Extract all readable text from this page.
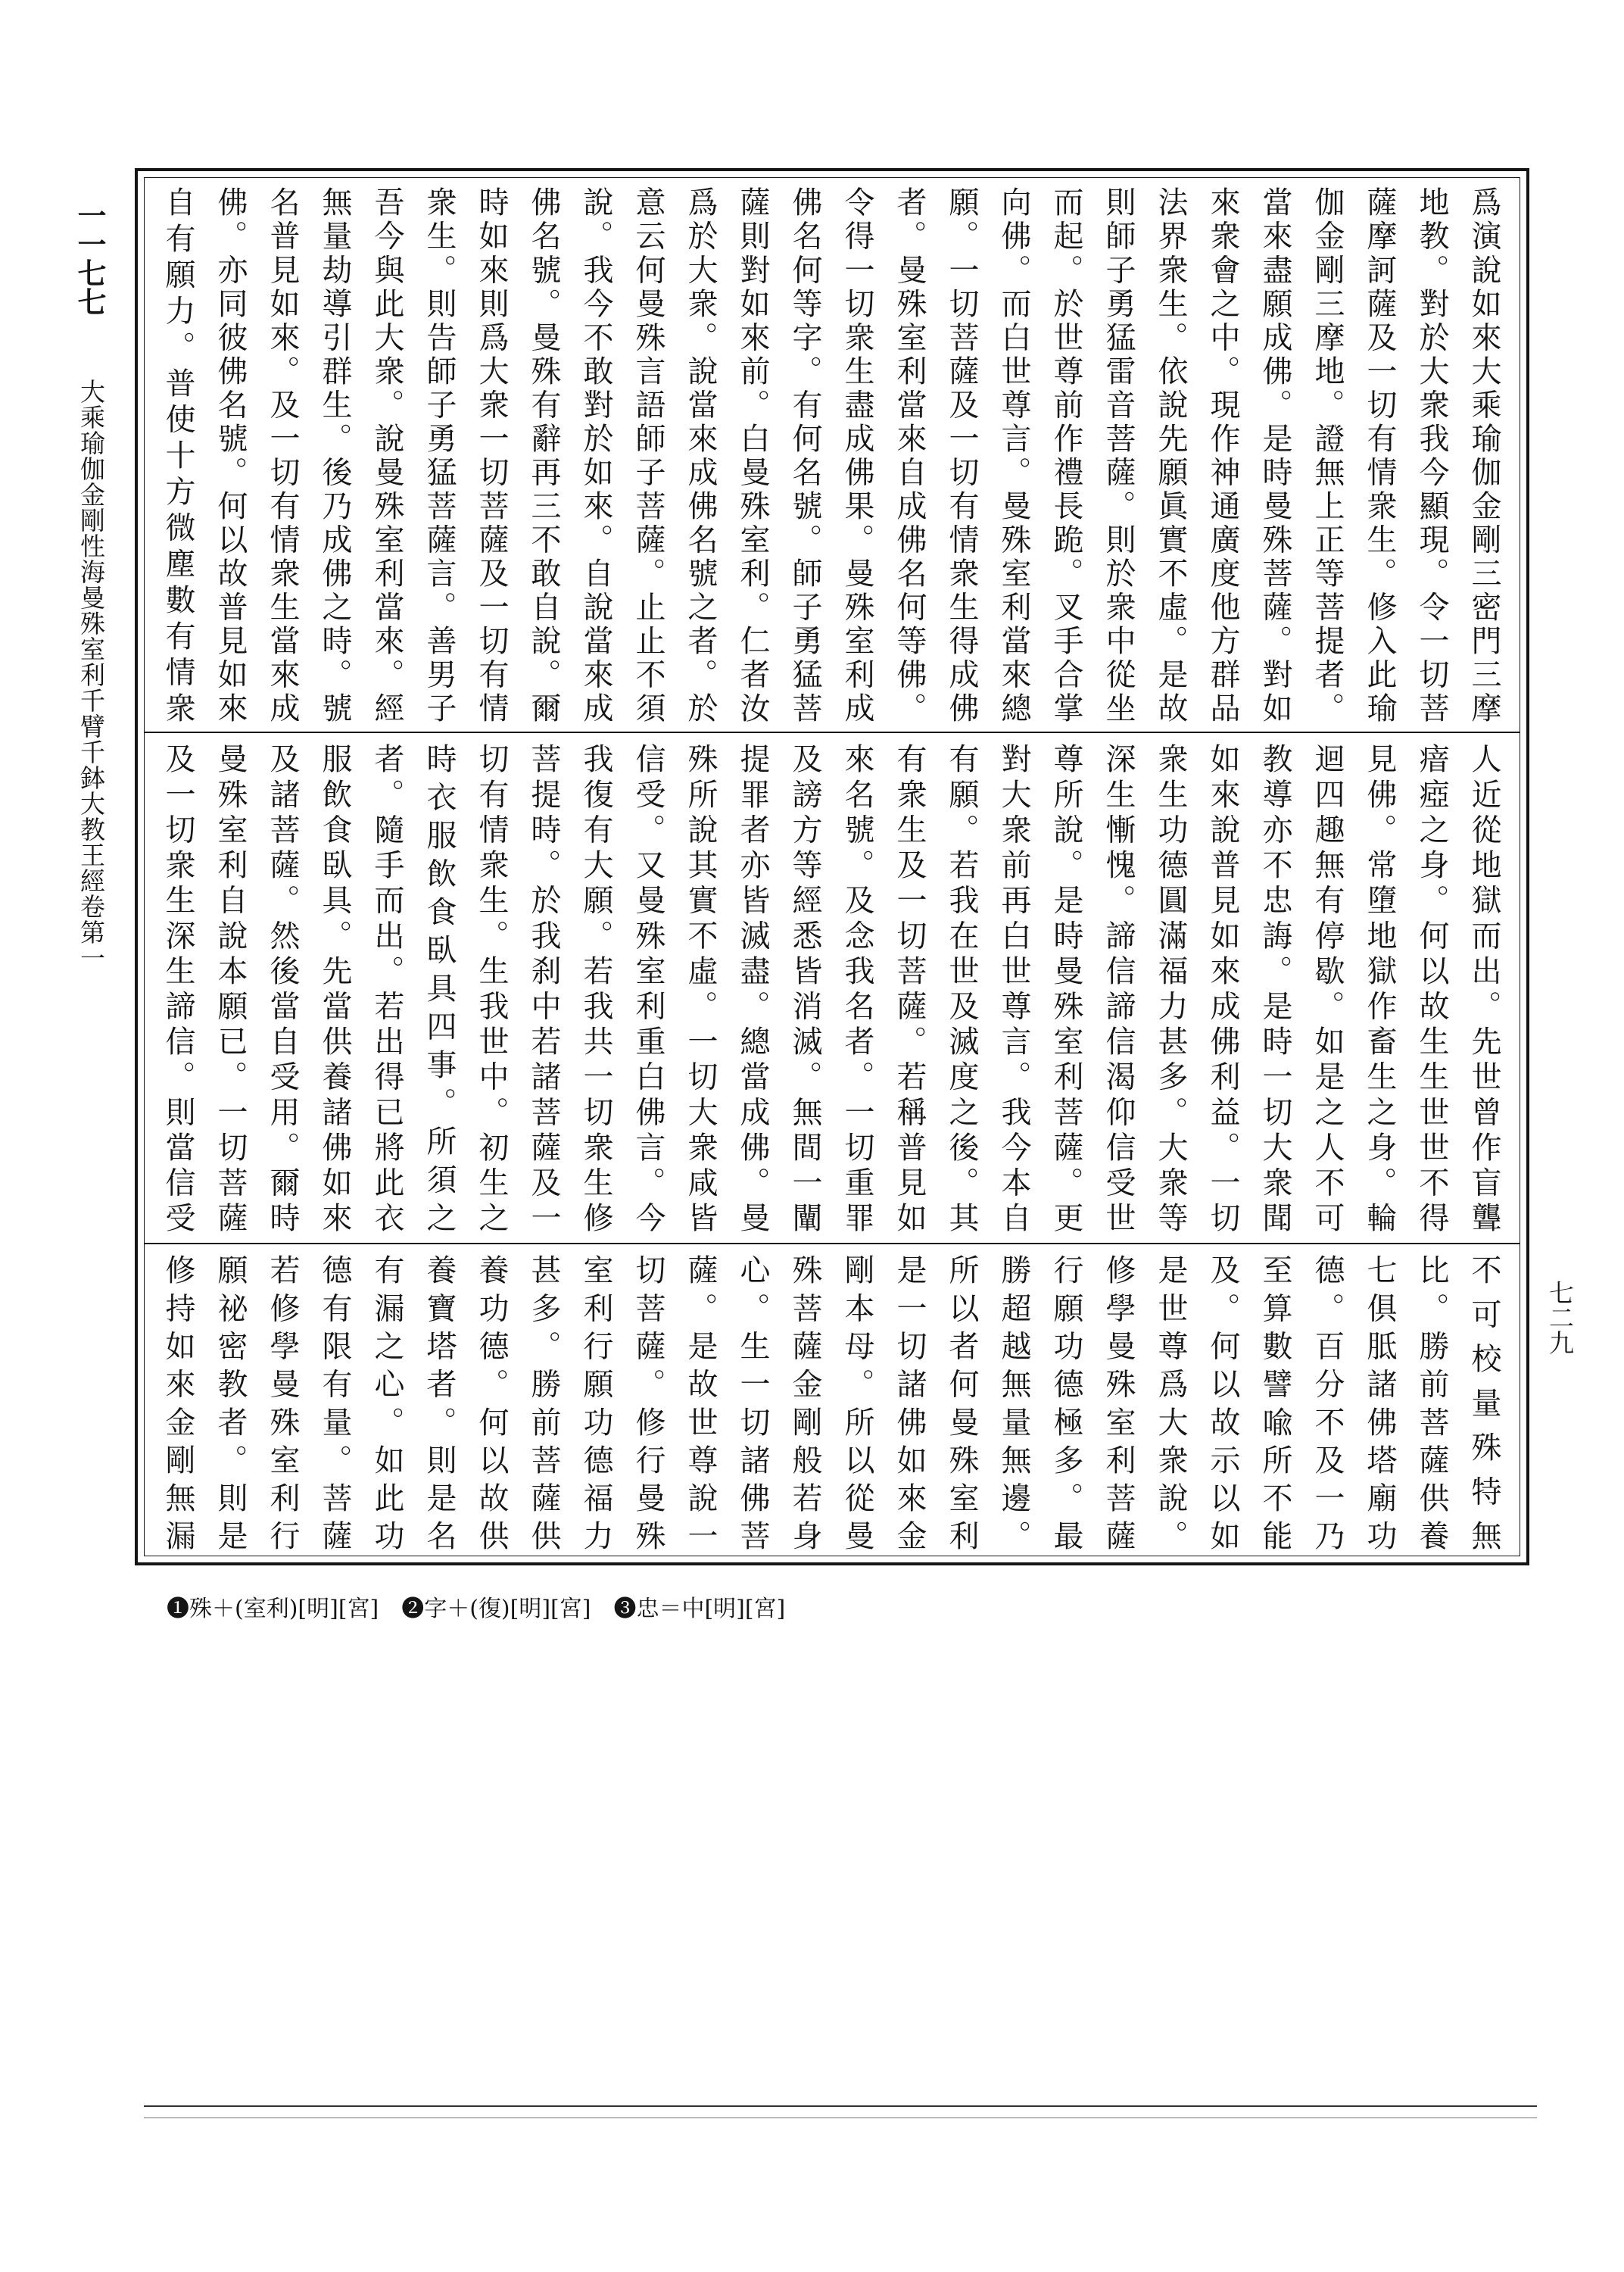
一一七七
大乘瑜伽金剛性海曼殊室利千臂千鉢大教王經卷第一
七二九
爲演說如來大乘瑜伽金剛三密門三摩地教。對於大衆我今顯現。令一切菩薩摩訶薩及一切有情衆生。修入此瑜伽金剛三摩地。證無上正等菩提者。當來盡願成佛。是時曼殊菩薩。對如來衆會之中。現作神通廣度他方群品法界衆生。依說先願眞實不虛。是故則師子勇猛雷音菩薩。則於衆中從坐而起。於世尊前作禮長跪。叉手合掌向佛。而白世尊言。曼殊室利當來總願。一切菩薩及一切有情衆生得成佛者。曼殊室利當來自成佛名何等佛。令得一切衆生盡成佛果。曼殊室利成佛名何等字。有何名號。師子勇猛菩薩則對如來前。白曼殊室利。仁者汝爲於大衆。說當來成佛名號之者。於意云何曼殊言語師子菩薩。止止不須說。我今不敢對於如來。自說當來成佛名號。曼殊有辭再三不敢自說。爾時如來則爲大衆一切菩薩及一切有情衆生。則告師子勇猛菩薩言。善男子吾今與此大衆。說曼殊室利當來。經無量劫導引群生。後乃成佛之時。號名普見如來。及一切有情衆生當來成佛。亦同彼佛名號。何以故普見如來自有願力。普使十方微塵數有情衆
人近從地獄而出。先世曾作盲聾瘖瘂之身。何以故生生世世不得見佛。常墮地獄作畜生之身。輪迴四趣無有停歇。如是之人不可教導亦不忠誨。是時一切大衆聞如來說普見如來成佛利益。一切衆生功德圓滿福力甚多。大衆等深生慚愧。諦信諦信渴仰信受世尊所說。是時曼殊室利菩薩。更對大衆前再白世尊言。我今本自有願。若我在世及滅度之後。其有衆生及一切菩薩。若稱普見如來名號。及念我名者。一切重罪及謗方等經悉皆消滅。無間一闡提罪者亦皆滅盡。總當成佛。曼殊所說其實不虛。一切大衆咸皆信受。又曼殊室利重白佛言。今我復有大願。若我共一切衆生修菩提時。於我刹中若諸菩薩及一切有情衆生。生我世中。初生之時衣服飲食臥具四事。所須之者。隨手而出。若出得已將此衣服飲食臥具。先當供養諸佛如來及諸菩薩。然後當自受用。爾時曼殊室利自說本願已。一切菩薩及一切衆生深生諦信。則當信受
不可校量殊特無比。勝前菩薩供養七俱胝諸佛塔廟功德。百分不及一乃至算數譬喩所不能及。何以故示以如是世尊爲大衆說。修學曼殊室利菩薩行願功德極多。最勝超越無量無邊。所以者何曼殊室利是一切諸佛如來金剛本母。所以從曼殊菩薩金剛般若身心。生一切諸佛菩薩。是故世尊說一切菩薩。修行曼殊室利行願功德福力甚多。勝前菩薩供養功德。何以故供養寶塔者。則是名有漏之心。如此功德有限有量。菩薩若修學曼殊室利行願祕密教者。則是修持如來金剛無漏
❶殊＋(室利)[明][宮]　❷字＋(復)[明][宮]　❸忠＝中[明][宮]
